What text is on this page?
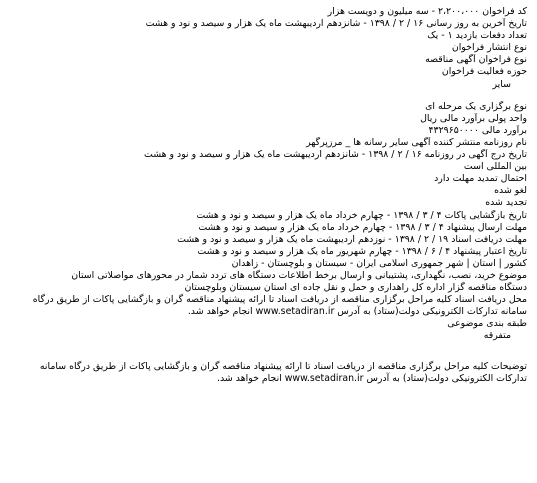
کد فراخوان ۲،۲۰۰،۰۰۰ - سه میلیون و دویست هزار
تاریخ آخرین به روز رسانی ۱۶ / ۲ / ۱۳۹۸ - شانزدهم اردیبهشت ماه یک هزار و سیصد و نود و هشت
تعداد دفعات بازدید ۱ - یک
نوع انتشار فراخوان
نوع فراخوان آگهی مناقصه
حوزه فعالیت فراخوان
سایر
نوع برگزاری یک مرحله ای
واحد پولی برآورد مالی ریال
برآورد مالی ۴۳۲۹۶۵۰۰۰۰
نام روزنامه منتشر کننده آگهی سایر رسانه ها _ مرزپرگهر
تاریخ درج آگهی در روزنامه ۱۶ / ۲ / ۱۳۹۸ - شانزدهم اردیبهشت ماه یک هزار و سیصد و نود و هشت
بین المللی است
احتمال تمدید مهلت دارد
لغو شده
تجدید شده
تاریخ بازگشایی پاکات ۴ / ۳ / ۱۳۹۸ - چهارم خرداد ماه یک هزار و سیصد و نود و هشت
مهلت ارسال پیشنهاد ۴ / ۳ / ۱۳۹۸ - چهارم خرداد ماه یک هزار و سیصد و نود و هشت
مهلت دریافت اسناد ۱۹ / ۲ / ۱۳۹۸ - نوزدهم اردیبهشت ماه یک هزار و سیصد و نود و هشت
تاریخ اعتبار پیشنهاد ۴ / ۶ / ۱۳۹۸ - چهارم شهریور ماه یک هزار و سیصد و نود و هشت
کشور | استان | شهر جمهوری اسلامی ایران - سیستان و بلوچستان - زاهدان
موضوع خرید، نصب، نگهداری، پشتیبانی و ارسال برخط اطلاعات دستگاه های تردد شمار در محورهای مواصلاتی استان
دستگاه مناقصه گزار اداره کل راهداری و حمل و نقل جاده ای استان سیستان وبلوچستان
محل دریافت اسناد کلیه مراحل برگزاری مناقصه از دریافت اسناد تا ارائه پیشنهاد مناقصه گران و بازگشایی پاکات از طریق درگاه سامانه تدارکات الکترونیکی دولت(ستاد) به آدرس www.setadiran.ir انجام خواهد شد.
طبقه بندی موضوعی
متفرقه
توضیحات کلیه مراحل برگزاری مناقصه از دریافت اسناد تا ارائه پیشنهاد مناقصه گران و بازگشایی پاکات از طریق درگاه سامانه تدارکات الکترونیکی دولت(ستاد) به آدرس www.setadiran.ir انجام خواهد شد.
